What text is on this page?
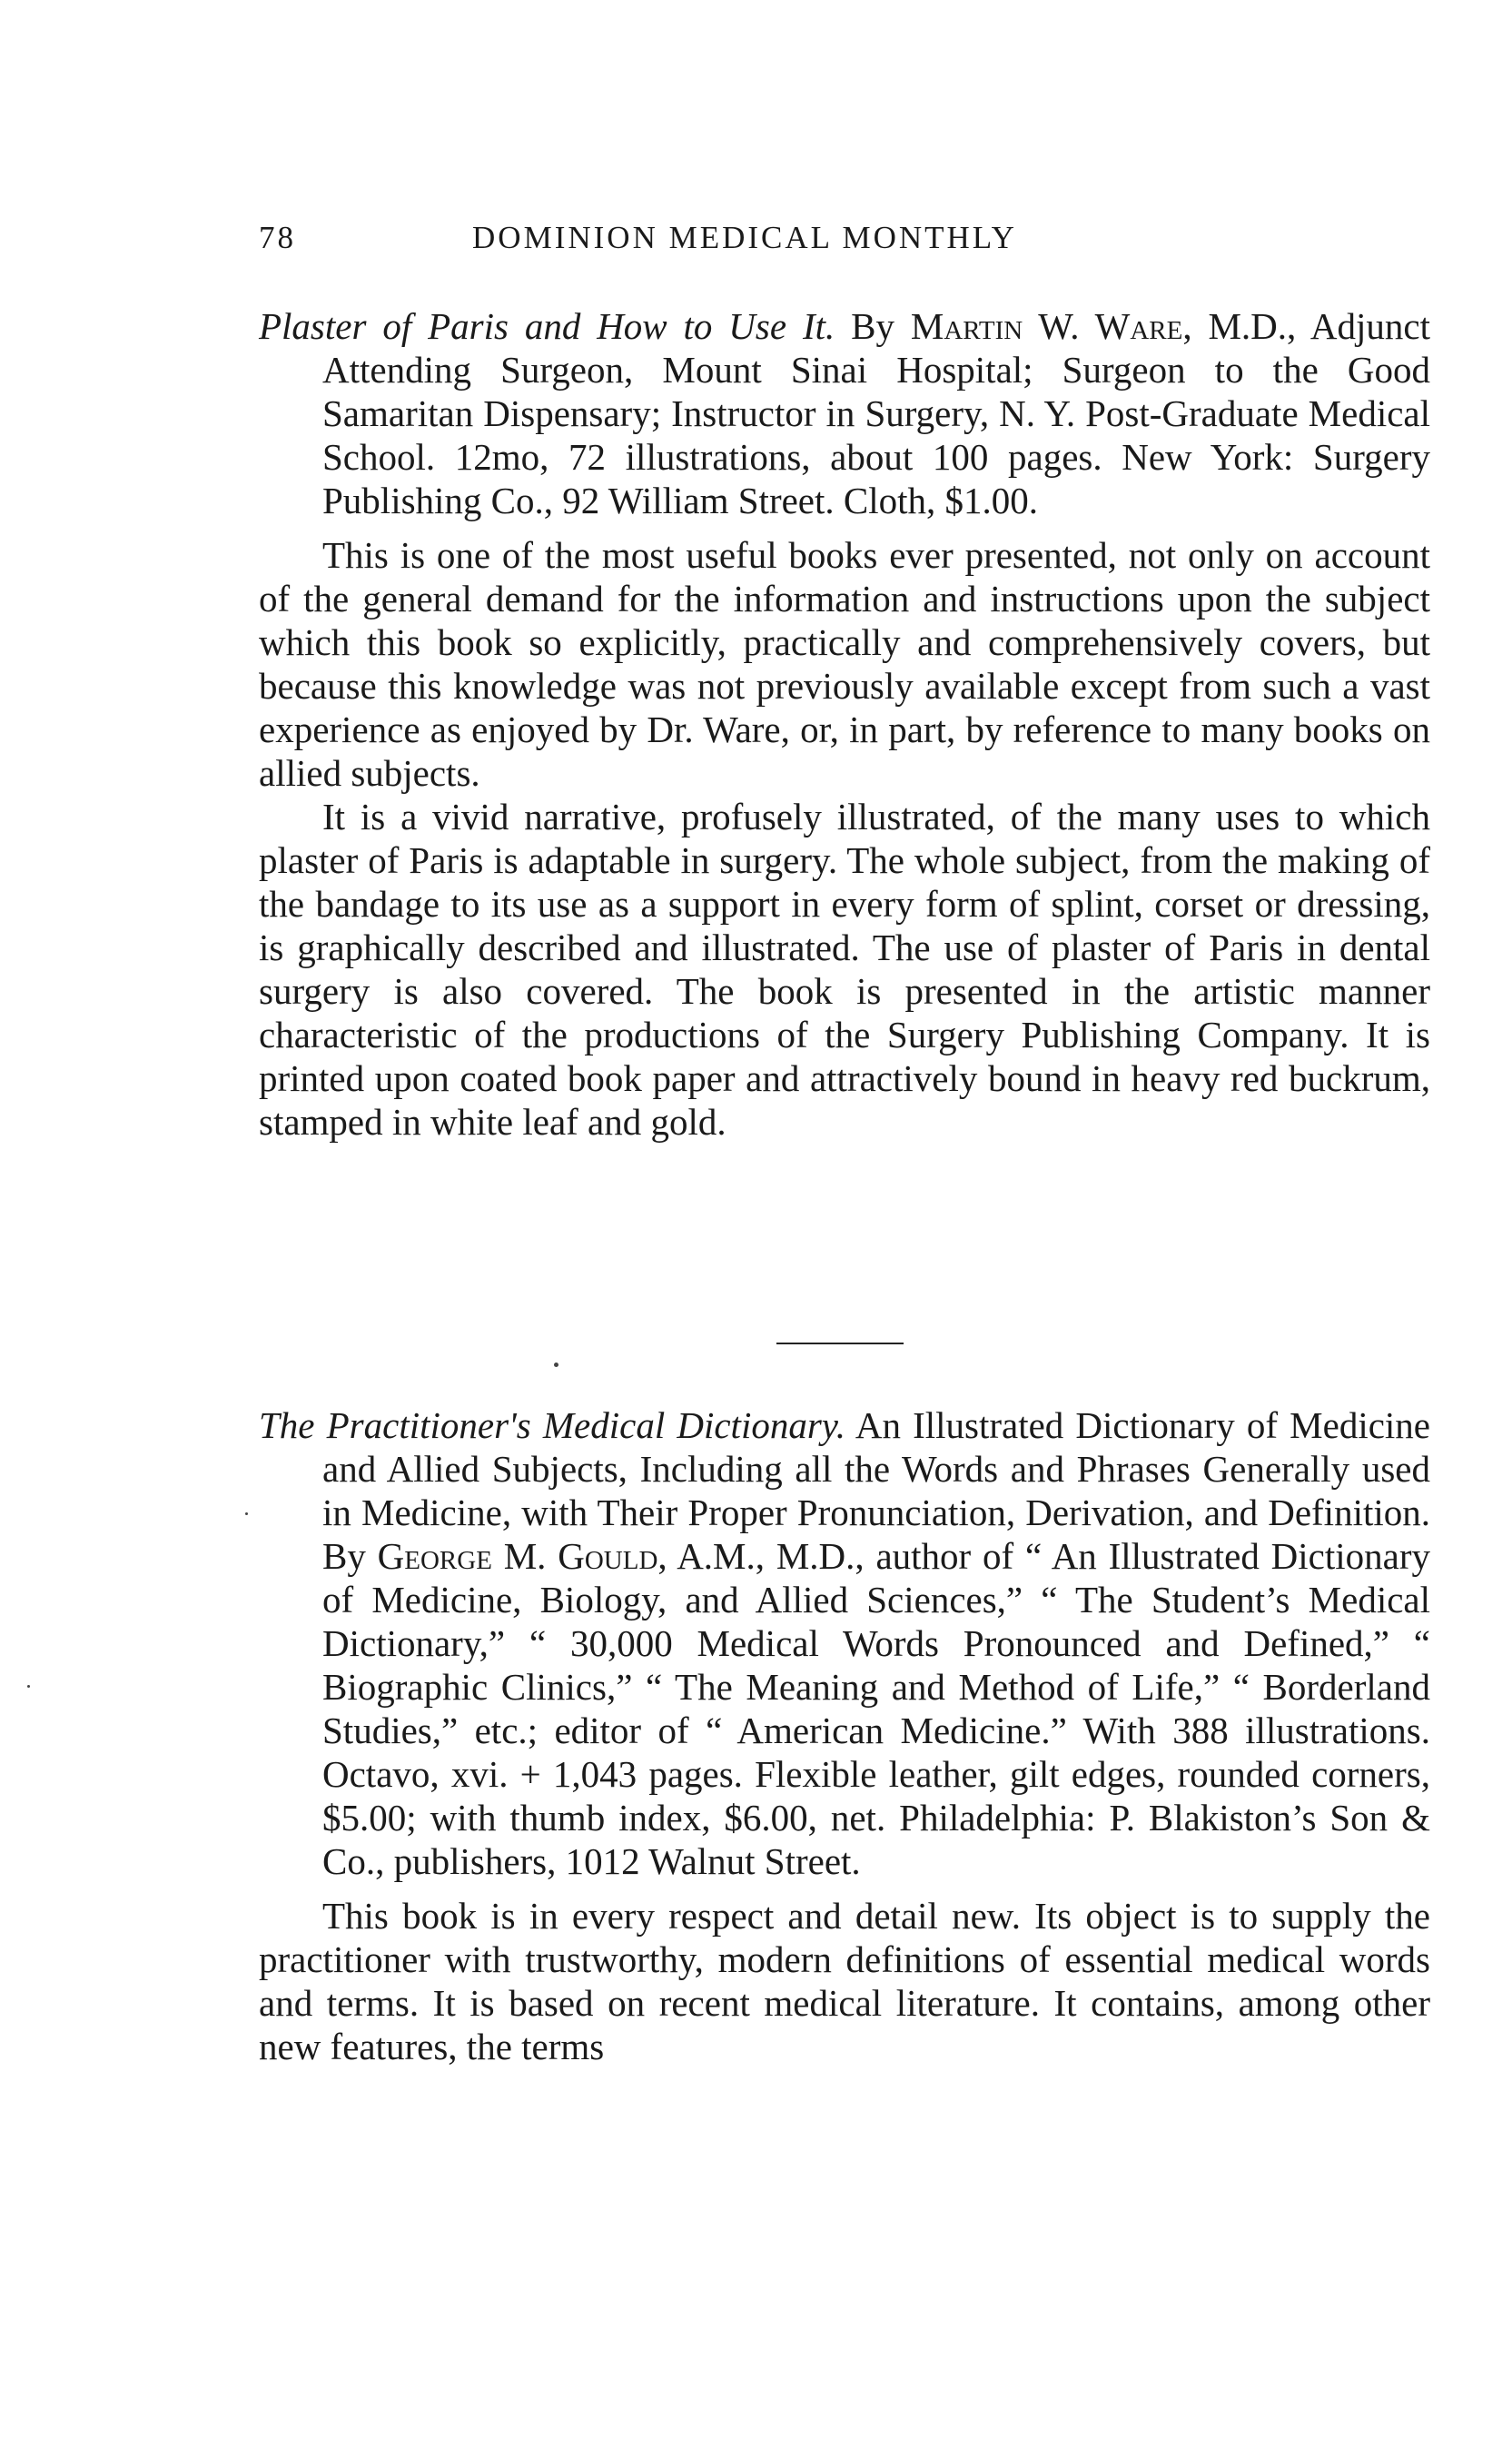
78	DOMINION MEDICAL MONTHLY

Plaster of Paris and How to Use It. By Martin W. Ware, M.D., Adjunct Attending Surgeon, Mount Sinai Hospital; Surgeon to the Good Samaritan Dispensary; Instructor in Surgery, N. Y. Post-Graduate Medical School. 12mo, 72 illustrations, about 100 pages. New York: Surgery Publishing Co., 92 William Street. Cloth, $1.00.

This is one of the most useful books ever presented, not only on account of the general demand for the information and instructions upon the subject which this book so explicitly, practically and comprehensively covers, but because this knowledge was not previously available except from such a vast experience as enjoyed by Dr. Ware, or, in part, by reference to many books on allied subjects.

It is a vivid narrative, profusely illustrated, of the many uses to which plaster of Paris is adaptable in surgery. The whole subject, from the making of the bandage to its use as a support in every form of splint, corset or dressing, is graphically described and illustrated. The use of plaster of Paris in dental surgery is also covered. The book is presented in the artistic manner characteristic of the productions of the Surgery Publishing Company. It is printed upon coated book paper and attractively bound in heavy red buckrum, stamped in white leaf and gold.

The Practitioner's Medical Dictionary. An Illustrated Dictionary of Medicine and Allied Subjects, Including all the Words and Phrases Generally used in Medicine, with Their Proper Pronunciation, Derivation, and Definition. By George M. Gould, A.M., M.D., author of “ An Illustrated Dictionary of Medicine, Biology, and Allied Sciences,” “ The Student’s Medical Dictionary,” “ 30,000 Medical Words Pronounced and Defined,” “ Biographic Clinics,” “ The Meaning and Method of Life,” “ Borderland Studies,” etc.; editor of “ American Medicine.” With 388 illustrations. Octavo, xvi. + 1,043 pages. Flexible leather, gilt edges, rounded corners, $5.00; with thumb index, $6.00, net. Philadelphia: P. Blakiston’s Son & Co., publishers, 1012 Walnut Street.

This book is in every respect and detail new. Its object is to supply the practitioner with trustworthy, modern definitions of essential medical words and terms. It is based on recent medical literature. It contains, among other new features, the terms
